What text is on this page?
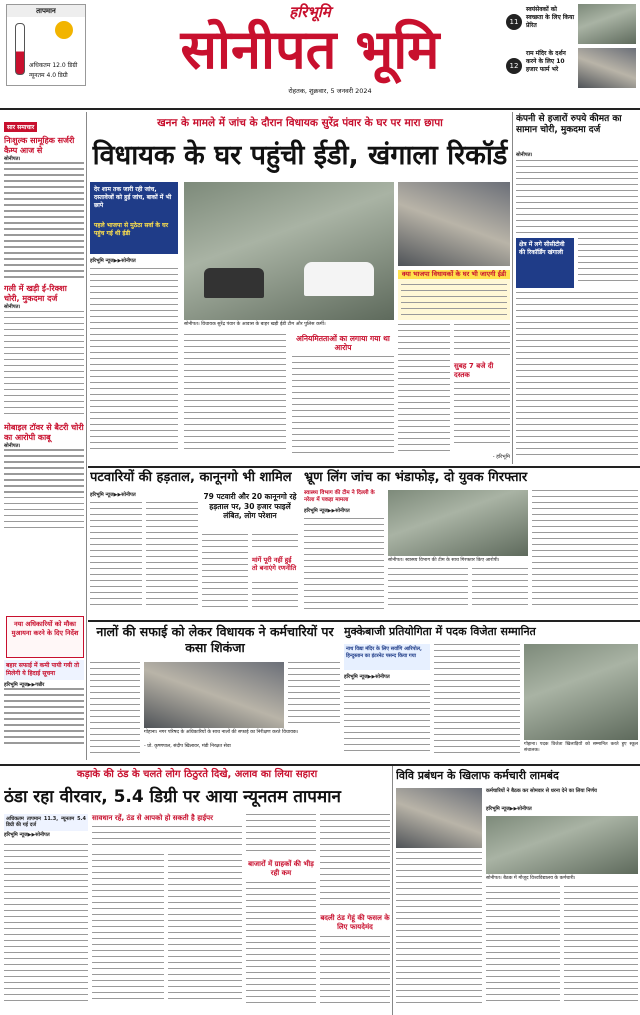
तापमान
अधिकतम 12.0 डिग्री
न्यूनतम 4.0 डिग्री
हरिभूमि
सोनीपत भूमि
रोहतक, शुक्रवार, 5 जनवरी 2024
11
स्वयंसेवकों को स्वच्छता के लिए किया प्रेरित
12
राम मंदिर के दर्शन करने के लिए 10 हजार फार्म भरे
सार समाचार
निःशुल्क सामूहिक सर्जरी कैम्प आज से
सोनीपत।
गली में खड़ी ई-रिक्शा चोरी, मुकदमा दर्ज
सोनीपत।
मोबाइल टॉवर से बैटरी चोरी का आरोपी काबू
सोनीपत।
नया अधिकारियों को मौका मुआयना करने के दिए निर्देश
बहार सफाई में कमी पायी गयी तो मिलेगी ये हिदाई सूचना
हरिभूमि न्यूज▶▶गन्नौर
खनन के मामले में जांच के दौरान विधायक सुरेंद्र पंवार के घर पर मारा छापा
विधायक के घर पहुंची ईडी, खंगाला रिकॉर्ड
देर शाम तक जारी रही जांच, दस्तावेजों को हुई जांच, बाकों में भी छापे
पहले भाजपा से मुठेठा सर्वा के घर पहुंच गई थी ईडी
हरिभूमि न्यूज▶▶सोनीपत
सोनीपत। विधायक सुरेंद्र पंवार के आवास के बाहर खड़ी ईडी टीम और पुलिस कर्मी।
अनियमितताओं का लगाया गया था आरोप
क्या भाजपा विधायकों के घर भी जाएगी ईडी
सुबह 7 बजे दी दस्तक
- हरिभूमि
कंपनी से हजारों रुपये कीमत का सामान चोरी, मुकदमा दर्ज
सोनीपत।
क्षेत्र में लगे सीसीटीवी की रिकॉर्डिंग खंगाली
पटवारियों की हड़ताल, कानूनगो भी शामिल
हरिभूमि न्यूज▶▶सोनीपत	79 पटवारी और 20 कानूनगो रहे हड़ताल पर, 30 हजार फाइलें लंबित, लोग परेशान
मांगें पूरी नहीं हुई तो बनाएंगे रणनीति
भ्रूण लिंग जांच का भंडाफोड़, दो युवक गिरफ्तार
स्वास्थ्य विभाग की टीम ने दिल्ली के नरेला में पकड़ा मामला
हरिभूमि न्यूज▶▶सोनीपत
सोनीपत। स्वास्थ्य विभाग की टीम के साथ गिरफ्तार किए आरोपी।
नालों की सफाई को लेकर विधायक ने कर्मचारियों पर कसा शिकंजा
गोहाना। नगर परिषद के अधिकारियों के साथ नालों की सफाई का निरीक्षण करते विधायक।
- प्रो. कृष्णपाल, संदीप खिलावर, मंडी निरक्षत सेवा
मुक्केबाजी प्रतियोगिता में पदक विजेता सम्मानित
नाथ विद्या मंदिर के लिए सर्वागि आरिपोल, हिन्दुस्तान का इंटरनेट पसन्द किया गया
हरिभूमि न्यूज▶▶सोनीपत
गोहाना। पदक विजेता खिलाड़ियों को सम्मानित करते हुए स्कूल संचालक।
कड़ाके की ठंड के चलते लोग ठिठुरते दिखे, अलाव का लिया सहारा
ठंडा रहा वीरवार, 5.4 डिग्री पर आया न्यूनतम तापमान
अधिकतम तापमान 11.3, न्यूनतम 5.4 डिग्री की गई दर्ज
हरिभूमि न्यूज▶▶सोनीपत
सावधान रहें, ठंड से आपको हो सकती है हाईपर
बाजारों में ग्राहकों की भीड़ रही कम
बदली ठंड गेहूं की फसल के लिए फायदेमंद
विवि प्रबंधन के खिलाफ कर्मचारी लामबंद
कर्मचारियों ने बैठक कर सोमवार से धरना देने का लिया निर्णय
हरिभूमि न्यूज▶▶सोनीपत
सोनीपत। बैठक में मौजूद विश्वविद्यालय के कर्मचारी।
